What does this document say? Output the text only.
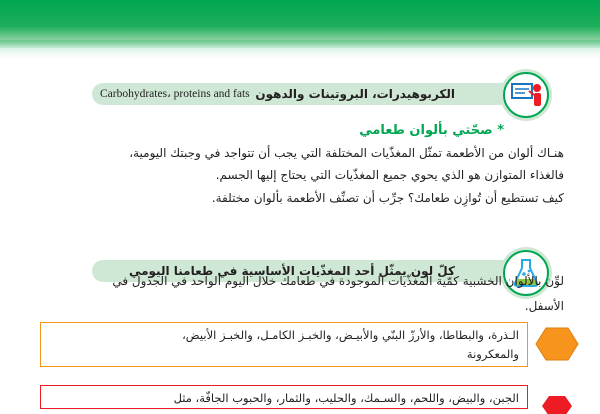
الكربوهيدرات، البروتينات والدهون
Carbohydrates، proteins and fats
* صحّتي بألوان طعامي
هنـاك ألوان من الأطعمة تمثّل المغذّيات المختلفة التي يجب أن تتواجد في وجبتك اليومية،
فالغذاء المتوازن هو الذي يحوي جميع المغذّيات التي يحتاج إليها الجسم.
كيف تستطيع أن تُوازِن طعامك؟ جرِّب أن تصنِّف الأطعمة بألوان مختلفة.
كلّ لون يمثّل أحد المغذّيات الأساسية في طعامنا اليومي
لوِّن بالألوان الخشبية كمّية المغذّيات الموجودة في طعامك خلال اليوم الواحد في الجدول في
الأسفل.
الـذرة، والبطاطا، والأرزّ البنّي والأبيـض، والخبـز الكامـل، والخبـز الأبيض،
والمعكرونة
الجبن، والبيض، واللحم، والسـمك، والحليب، والثمار، والحبوب الجافّة، مثل
